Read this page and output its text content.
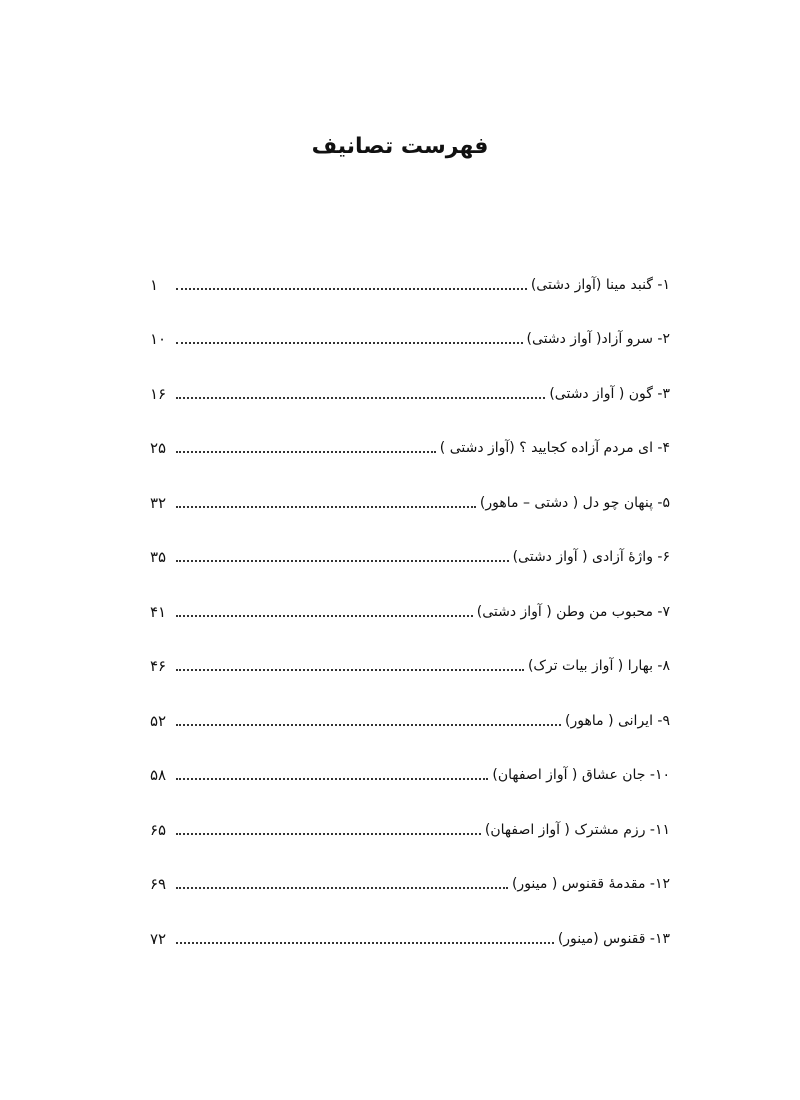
فهرست تصانیف
۱- گنبد مینا (آواز دشتی)
۱
۲- سرو آزاد( آواز دشتی)
۱۰
۳- گون ( آواز دشتی)
۱۶
۴- ای مردم آزاده کجایید ؟ (آواز دشتی )
۲۵
۵- پنهان چو دل ( دشتی – ماهور)
۳۲
۶- واژهٔ آزادی ( آواز دشتی)
۳۵
۷- محبوب من وطن ( آواز دشتی)
۴۱
۸- بهارا ( آواز بیات ترک)
۴۶
۹- ایرانی ( ماهور)
۵۲
۱۰- جان عشاق ( آواز اصفهان)
۵۸
۱۱- رزم مشترک ( آواز اصفهان)
۶۵
۱۲- مقدمهٔ ققنوس ( مینور)
۶۹
۱۳- ققنوس (مینور)
۷۲
